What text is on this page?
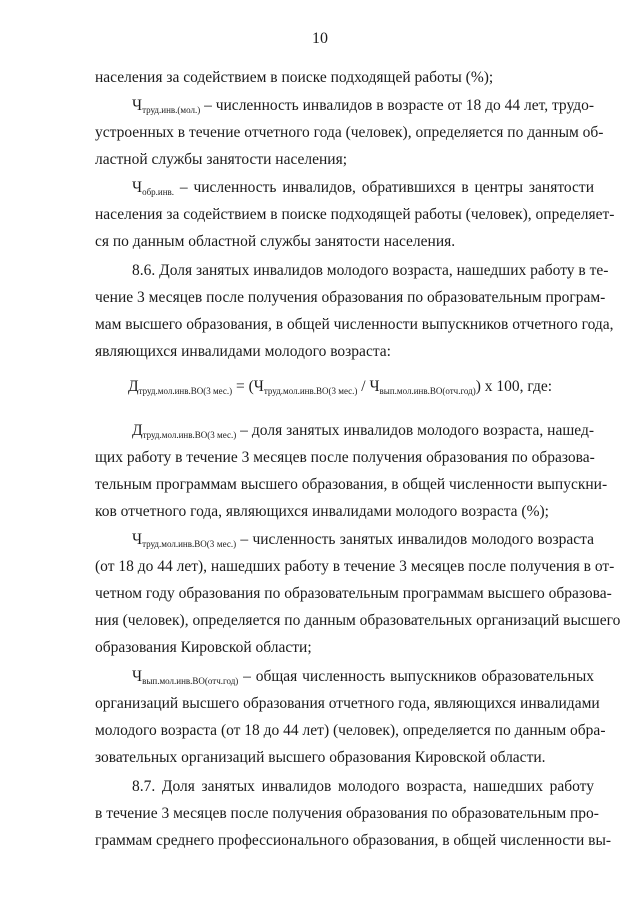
10
населения за содействием в поиске подходящей работы (%);
$Ч_{труд.инв.(мол.)}$ – численность инвалидов в возрасте от 18 до 44 лет, трудо-
устроенных в течение отчетного года (человек), определяется по данным об-
ластной службы занятости населения;
$Ч_{обр.инв.}$ – численность инвалидов, обратившихся в центры занятости
населения за содействием в поиске подходящей работы (человек), определяет-
ся по данным областной службы занятости населения.
8.6. Доля занятых инвалидов молодого возраста, нашедших работу в те-
чение 3 месяцев после получения образования по образовательным програм-
мам высшего образования, в общей численности выпускников отчетного года,
являющихся инвалидами молодого возраста:
$Д_{труд.мол.инв.ВО(3 мес.)} = (Ч_{труд.мол.инв.ВО(3 мес.)} / Ч_{вып.мол.инв.ВО(отч.год)})$ х 100, где:
$Д_{труд.мол.инв.ВО(3 мес.)}$ – доля занятых инвалидов молодого возраста, нашед-
щих работу в течение 3 месяцев после получения образования по образова-
тельным программам высшего образования, в общей численности выпускни-
ков отчетного года, являющихся инвалидами молодого возраста (%);
$Ч_{труд.мол.инв.ВО(3 мес.)}$ – численность занятых инвалидов молодого возраста
(от 18 до 44 лет), нашедших работу в течение 3 месяцев после получения в от-
четном году образования по образовательным программам высшего образова-
ния (человек), определяется по данным образовательных организаций высшего
образования Кировской области;
$Ч_{вып.мол.инв.ВО(отч.год)}$ – общая численность выпускников образовательных
организаций высшего образования отчетного года, являющихся инвалидами
молодого возраста (от 18 до 44 лет) (человек), определяется по данным обра-
зовательных организаций высшего образования Кировской области.
8.7. Доля занятых инвалидов молодого возраста, нашедших работу
в течение 3 месяцев после получения образования по образовательным про-
граммам среднего профессионального образования, в общей численности вы-
